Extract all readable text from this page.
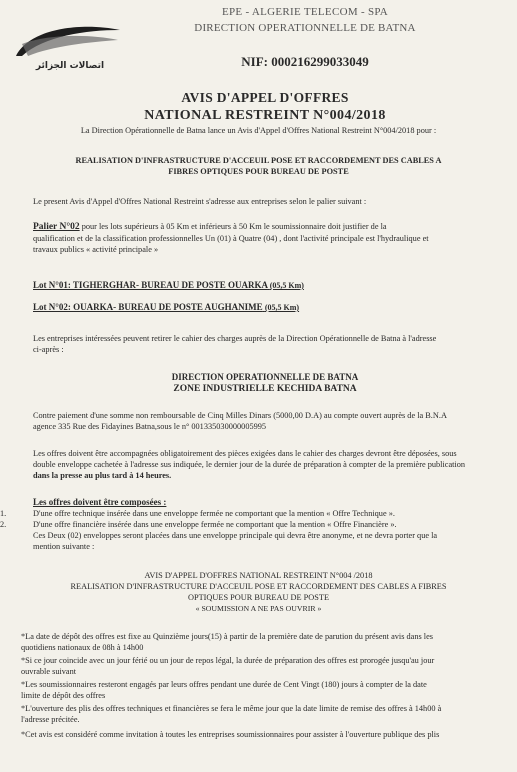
اتصالات الجزائر
EPE - ALGERIE TELECOM - SPA
DIRECTION OPERATIONNELLE DE BATNA
NIF: 000216299033049
AVIS D'APPEL D'OFFRES
NATIONAL RESTREINT N°004/2018
La Direction Opérationnelle de Batna lance un Avis d'Appel d'Offres National Restreint N°004/2018 pour :
REALISATION D'INFRASTRUCTURE D'ACCEUIL POSE ET RACCORDEMENT DES CABLES A
FIBRES OPTIQUES POUR BUREAU DE POSTE
Le present Avis d'Appel d'Offres National Restreint s'adresse aux entreprises selon le palier suivant :
Palier N°02 pour les lots supérieurs à 05 Km et inférieurs à 50 Km le soumissionnaire doit justifier de la
qualification et de la classification professionnelles Un (01) à Quatre (04) , dont l'activité principale est l'hydraulique et
travaux publics « activité principale »
Lot N°01: TIGHERGHAR- BUREAU DE POSTE OUARKA (05,5 Km)
Lot N°02: OUARKA- BUREAU DE POSTE AUGHANIME (05,5 Km)
Les entreprises intéressées peuvent retirer le cahier des charges auprès de la Direction Opérationnelle de Batna à l'adresse
ci-après :
DIRECTION OPERATIONNELLE DE BATNA
ZONE INDUSTRIELLE KECHIDA BATNA
Contre paiement d'une somme non remboursable de Cinq Milles Dinars (5000,00 D.A) au compte ouvert auprès de la B.N.A
agence 335 Rue des Fidayines Batna,sous le n° 001335030000005995
Les offres doivent être accompagnées obligatoirement des pièces exigées dans le cahier des charges devront être déposées, sous
double enveloppe cachetée à l'adresse sus indiquée, le dernier jour de la durée de préparation à compter de la première publication
dans la presse au plus tard à 14 heures.
Les offres doivent être composées :
1.	D'une offre technique insérée dans une enveloppe fermée ne comportant que la mention « Offre Technique ».
2.	D'une offre financière insérée dans une enveloppe fermée ne comportant que la mention « Offre Financière ».
Ces Deux (02) enveloppes seront placées dans une enveloppe principale qui devra être anonyme, et ne devra porter que la
mention suivante :
AVIS D'APPEL D'OFFRES NATIONAL RESTREINT N°004 /2018
REALISATION D'INFRASTRUCTURE D'ACCEUIL POSE ET RACCORDEMENT DES CABLES A FIBRES
OPTIQUES POUR BUREAU DE POSTE
« SOUMISSION A NE PAS OUVRIR »
*La date de dépôt des offres est fixe au Quinzième jours(15) à partir de la première date de parution du présent avis dans les
quotidiens nationaux de 08h à 14h00
*Si ce jour coincide avec un jour férié ou un jour de repos légal, la durée de préparation des offres est prorogée jusqu'au jour
ouvrable suivant
*Les soumissionnaires resteront engagés par leurs offres pendant une durée de Cent Vingt (180) jours à compter de la date
limite de dépôt des offres
*L'ouverture des plis des offres techniques et financières se fera le même jour que la date limite de remise des offres à 14h00 à
l'adresse précitée.
*Cet avis est considéré comme invitation à toutes les entreprises soumissionnaires pour assister à l'ouverture publique des plis
